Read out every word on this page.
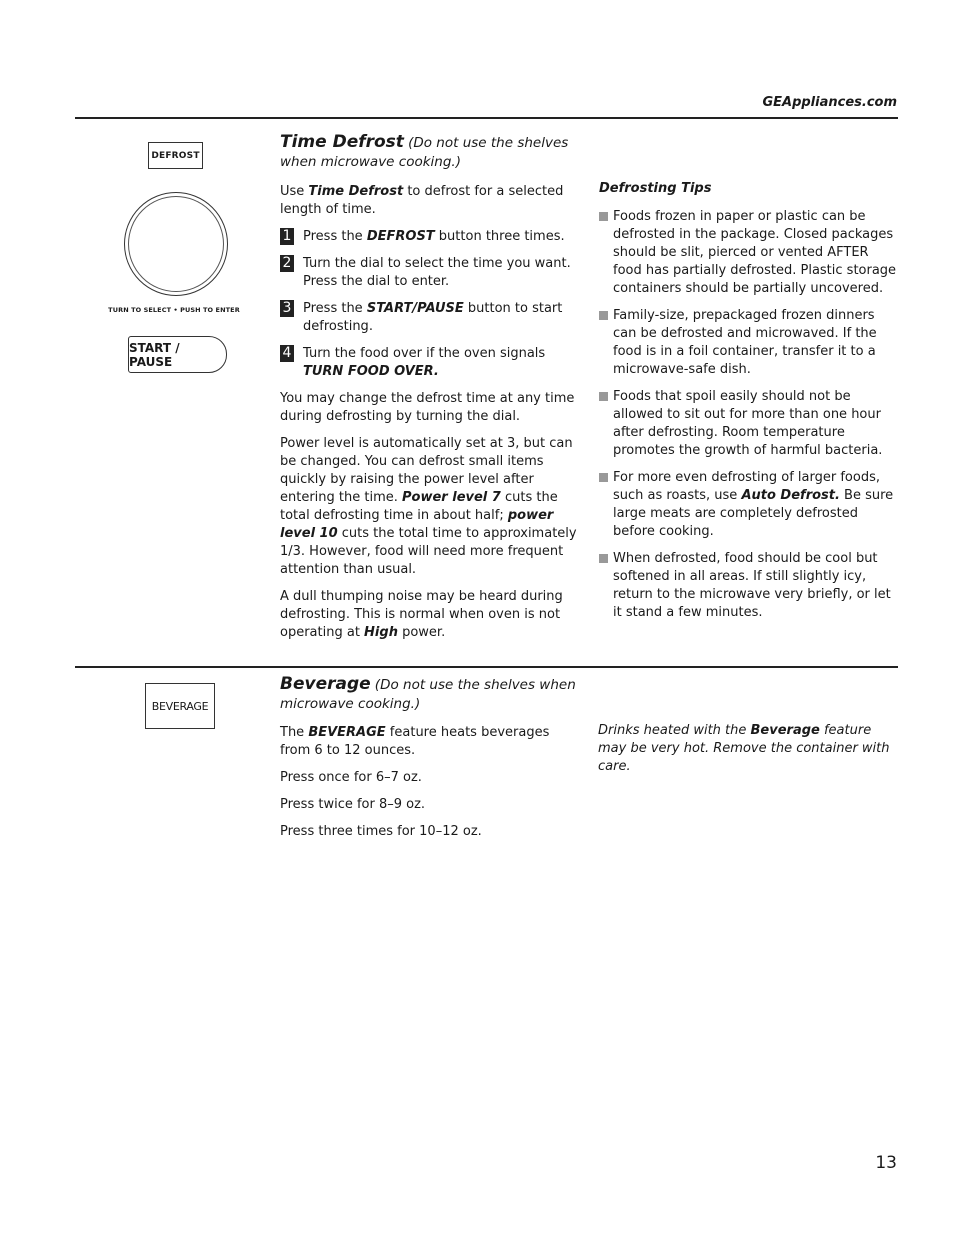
GEAppliances.com
DEFROST
TURN TO SELECT • PUSH TO ENTER
START / PAUSE

Time Defrost (Do not use the shelves when microwave cooking.)

Use Time Defrost to defrost for a selected length of time.

1 Press the DEFROST button three times.
2 Turn the dial to select the time you want. Press the dial to enter.
3 Press the START/PAUSE button to start defrosting.
4 Turn the food over if the oven signals TURN FOOD OVER.

You may change the defrost time at any time during defrosting by turning the dial.

Power level is automatically set at 3, but can be changed. You can defrost small items quickly by raising the power level after entering the time. Power level 7 cuts the total defrosting time in about half; power level 10 cuts the total time to approximately 1/3. However, food will need more frequent attention than usual.

A dull thumping noise may be heard during defrosting. This is normal when oven is not operating at High power.

Defrosting Tips
Foods frozen in paper or plastic can be defrosted in the package. Closed packages should be slit, pierced or vented AFTER food has partially defrosted. Plastic storage containers should be partially uncovered.
Family-size, prepackaged frozen dinners can be defrosted and microwaved. If the food is in a foil container, transfer it to a microwave-safe dish.
Foods that spoil easily should not be allowed to sit out for more than one hour after defrosting. Room temperature promotes the growth of harmful bacteria.
For more even defrosting of larger foods, such as roasts, use Auto Defrost. Be sure large meats are completely defrosted before cooking.
When defrosted, food should be cool but softened in all areas. If still slightly icy, return to the microwave very briefly, or let it stand a few minutes.
BEVERAGE

Beverage (Do not use the shelves when microwave cooking.)

The BEVERAGE feature heats beverages from 6 to 12 ounces.

Press once for 6–7 oz.

Press twice for 8–9 oz.

Press three times for 10–12 oz.

Drinks heated with the Beverage feature may be very hot. Remove the container with care.
13
